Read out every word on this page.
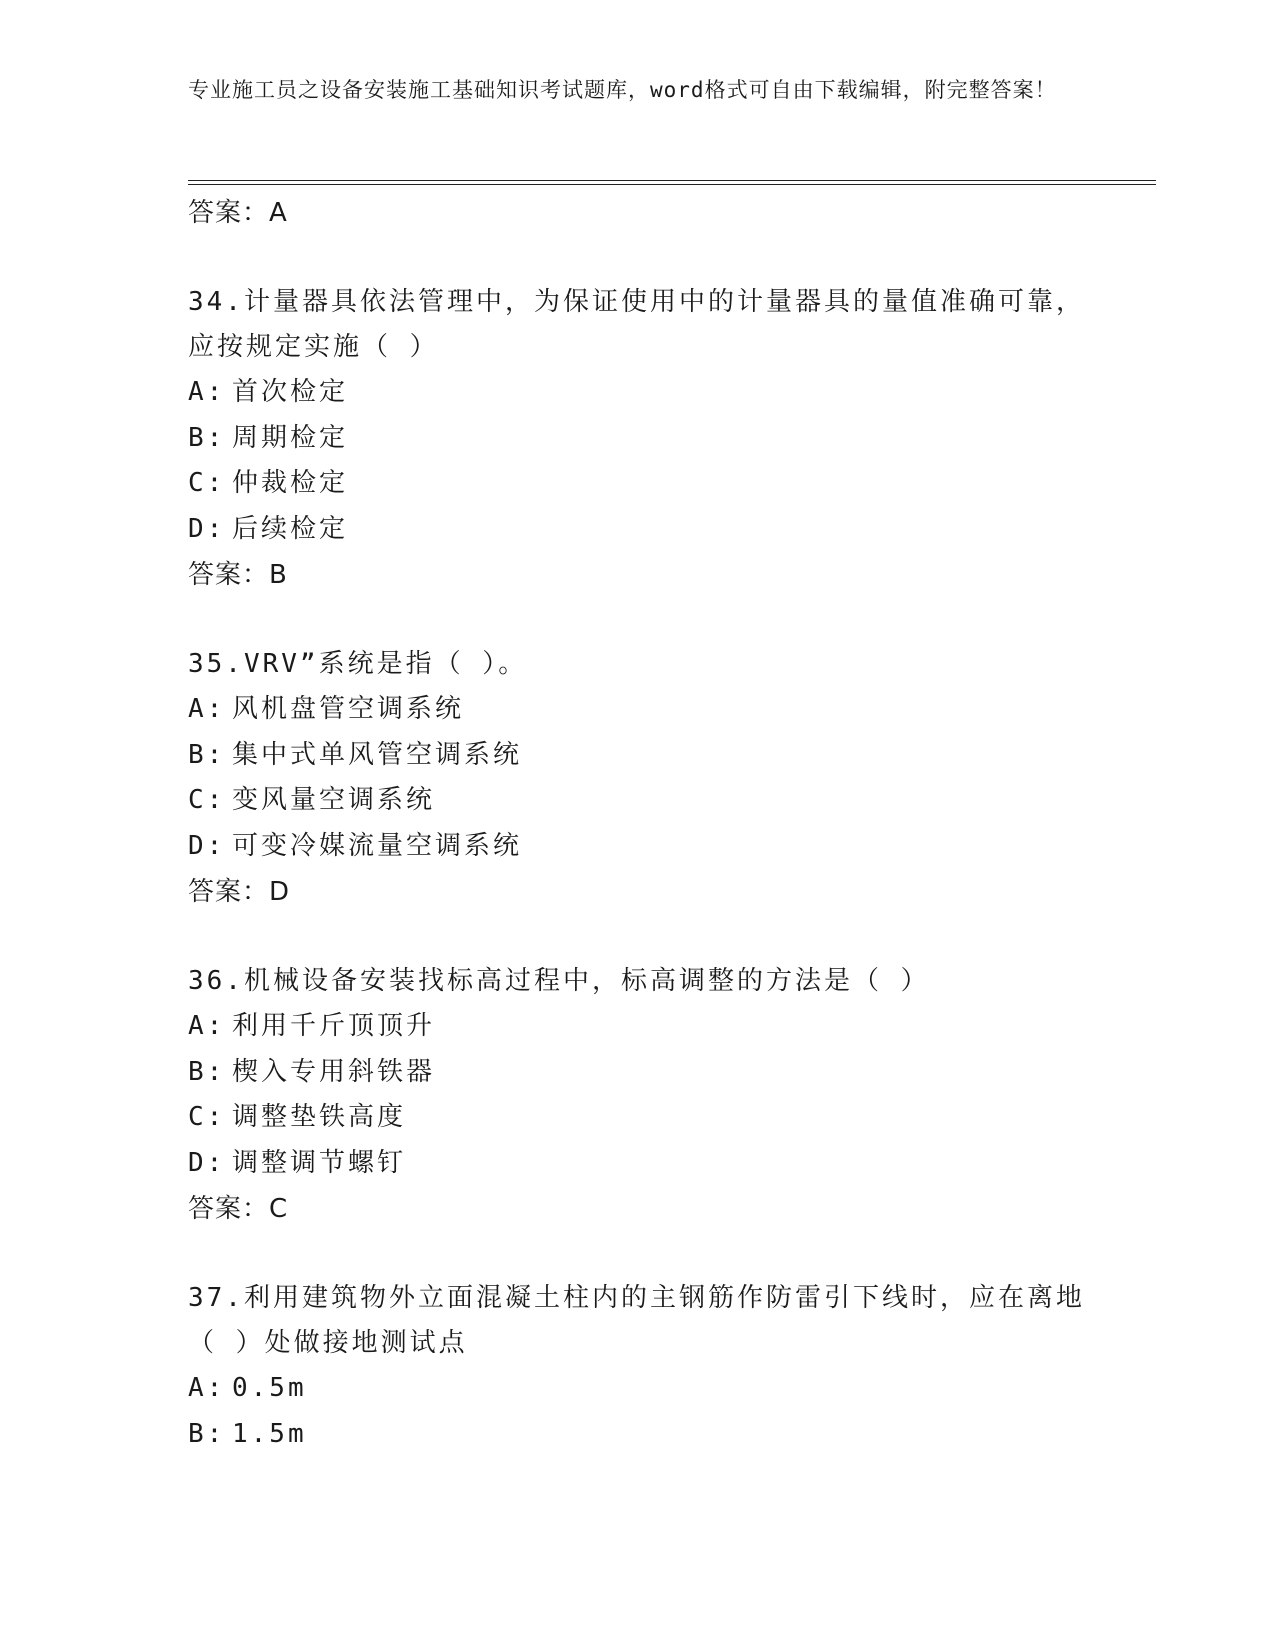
专业施工员之设备安装施工基础知识考试题库，word格式可自由下载编辑，附完整答案！
答案：A
34.计量器具依法管理中，为保证使用中的计量器具的量值准确可靠，应按规定实施（ ）
A: 首次检定
B: 周期检定
C: 仲裁检定
D: 后续检定
答案：B
35.VRV”系统是指（ ）。
A: 风机盘管空调系统
B: 集中式单风管空调系统
C: 变风量空调系统
D: 可变冷媒流量空调系统
答案：D
36.机械设备安装找标高过程中，标高调整的方法是（ ）
A: 利用千斤顶顶升
B: 楔入专用斜铁器
C: 调整垫铁高度
D: 调整调节螺钉
答案：C
37.利用建筑物外立面混凝土柱内的主钢筋作防雷引下线时，应在离地（ ）处做接地测试点
A: 0.5m
B: 1.5m
